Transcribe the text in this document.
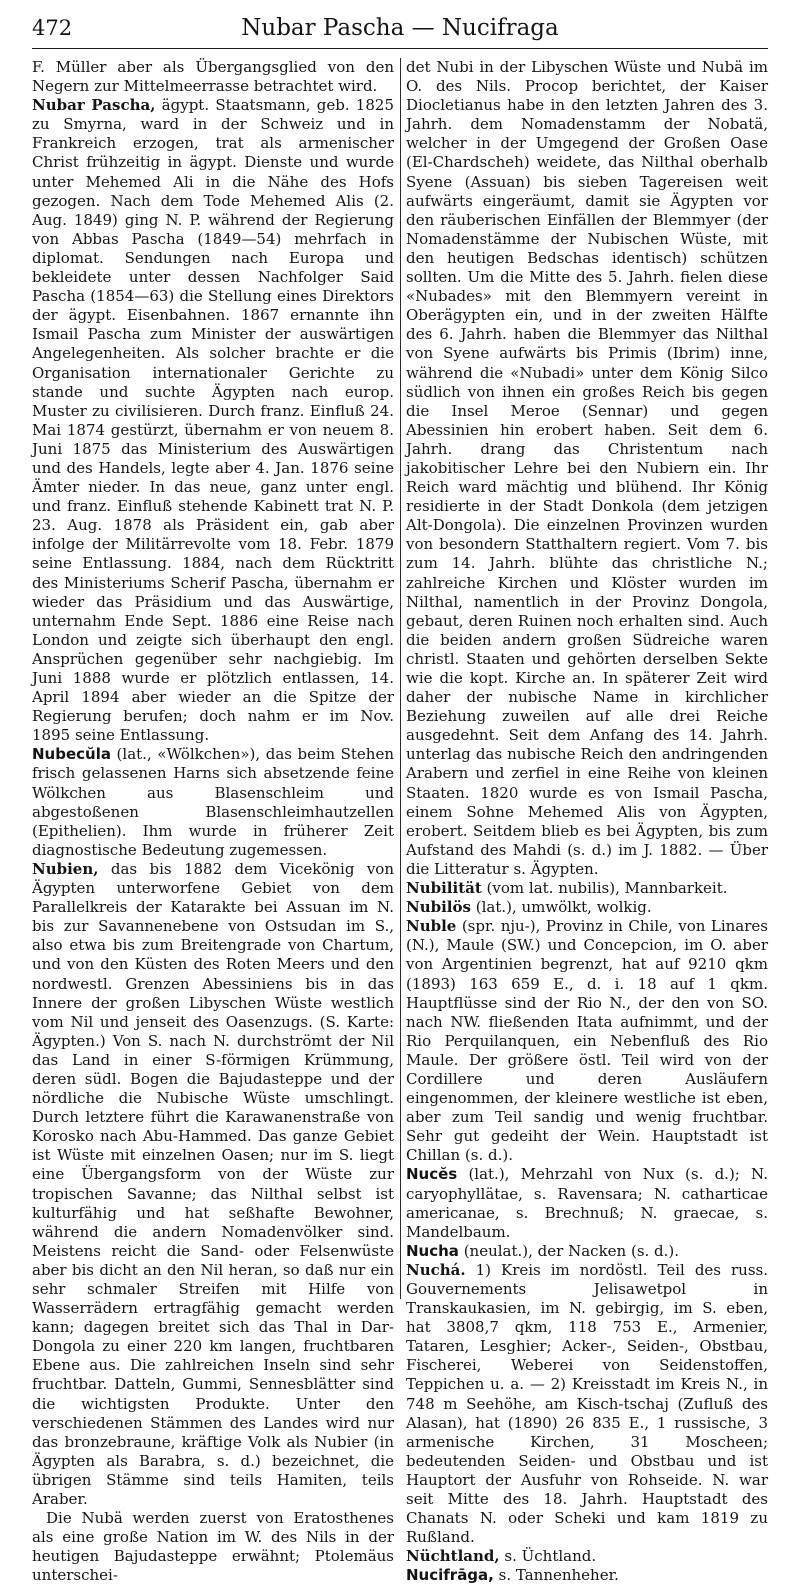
472	Nubar Pascha — Nucifraga

F. Müller aber als Übergangsglied von den Negern zur Mittelmeerrasse betrachtet wird.

Nubar Pascha, ägypt. Staatsmann, geb. 1825 zu Smyrna, ward in der Schweiz und in Frankreich erzogen, trat als armenischer Christ frühzeitig in ägypt. Dienste und wurde unter Mehemed Ali in die Nähe des Hofs gezogen. Nach dem Tode Mehemed Alis (2. Aug. 1849) ging N. P. während der Regierung von Abbas Pascha (1849—54) mehrfach in diplomat. Sendungen nach Europa und bekleidete unter dessen Nachfolger Said Pascha (1854—63) die Stellung eines Direktors der ägypt. Eisenbahnen. 1867 ernannte ihn Ismail Pascha zum Minister der auswärtigen Angelegenheiten. Als solcher brachte er die Organisation internationaler Gerichte zu stande und suchte Ägypten nach europ. Muster zu civilisieren. Durch franz. Einfluß 24. Mai 1874 gestürzt, übernahm er von neuem 8. Juni 1875 das Ministerium des Auswärtigen und des Handels, legte aber 4. Jan. 1876 seine Ämter nieder. In das neue, ganz unter engl. und franz. Einfluß stehende Kabinett trat N. P. 23. Aug. 1878 als Präsident ein, gab aber infolge der Militärrevolte vom 18. Febr. 1879 seine Entlassung. 1884, nach dem Rücktritt des Ministeriums Scherif Pascha, übernahm er wieder das Präsidium und das Auswärtige, unternahm Ende Sept. 1886 eine Reise nach London und zeigte sich überhaupt den engl. Ansprüchen gegenüber sehr nachgiebig. Im Juni 1888 wurde er plötzlich entlassen, 14. April 1894 aber wieder an die Spitze der Regierung berufen; doch nahm er im Nov. 1895 seine Entlassung.

Nubecŭla (lat., «Wölkchen»), das beim Stehen frisch gelassenen Harns sich absetzende feine Wölkchen aus Blasenschleim und abgestoßenen Blasenschleimhautzellen (Epithelien). Ihm wurde in früherer Zeit diagnostische Bedeutung zugemessen.

Nubien, das bis 1882 dem Vicekönig von Ägypten unterworfene Gebiet von dem Parallelkreis der Katarakte bei Assuan im N. bis zur Savannenebene von Ostsudan im S., also etwa bis zum Breitengrade von Chartum, und von den Küsten des Roten Meers und den nordwestl. Grenzen Abessiniens bis in das Innere der großen Libyschen Wüste westlich vom Nil und jenseit des Oasenzugs. (S. Karte: Ägypten.) Von S. nach N. durchströmt der Nil das Land in einer S-förmigen Krümmung, deren südl. Bogen die Bajudasteppe und der nördliche die Nubische Wüste umschlingt. Durch letztere führt die Karawanenstraße von Korosko nach Abu-Hammed. Das ganze Gebiet ist Wüste mit einzelnen Oasen; nur im S. liegt eine Übergangsform von der Wüste zur tropischen Savanne; das Nilthal selbst ist kulturfähig und hat seßhafte Bewohner, während die andern Nomadenvölker sind. Meistens reicht die Sand- oder Felsenwüste aber bis dicht an den Nil heran, so daß nur ein sehr schmaler Streifen mit Hilfe von Wasserrädern ertragfähig gemacht werden kann; dagegen breitet sich das Thal in Dar-Dongola zu einer 220 km langen, fruchtbaren Ebene aus. Die zahlreichen Inseln sind sehr fruchtbar. Datteln, Gummi, Sennesblätter sind die wichtigsten Produkte. Unter den verschiedenen Stämmen des Landes wird nur das bronzebraune, kräftige Volk als Nubier (in Ägypten als Barabra, s. d.) bezeichnet, die übrigen Stämme sind teils Hamiten, teils Araber.

Die Nubä werden zuerst von Eratosthenes als eine große Nation im W. des Nils in der heutigen Bajudasteppe erwähnt; Ptolemäus unterschei-

det Nubi in der Libyschen Wüste und Nubä im O. des Nils. Procop berichtet, der Kaiser Diocletianus habe in den letzten Jahren des 3. Jahrh. dem Nomadenstamm der Nobatä, welcher in der Umgegend der Großen Oase (El-Chardscheh) weidete, das Nilthal oberhalb Syene (Assuan) bis sieben Tagereisen weit aufwärts eingeräumt, damit sie Ägypten vor den räuberischen Einfällen der Blemmyer (der Nomadenstämme der Nubischen Wüste, mit den heutigen Bedschas identisch) schützen sollten. Um die Mitte des 5. Jahrh. fielen diese «Nubades» mit den Blemmyern vereint in Oberägypten ein, und in der zweiten Hälfte des 6. Jahrh. haben die Blemmyer das Nilthal von Syene aufwärts bis Primis (Ibrim) inne, während die «Nubadi» unter dem König Silco südlich von ihnen ein großes Reich bis gegen die Insel Meroe (Sennar) und gegen Abessinien hin erobert haben. Seit dem 6. Jahrh. drang das Christentum nach jakobitischer Lehre bei den Nubiern ein. Ihr Reich ward mächtig und blühend. Ihr König residierte in der Stadt Donkola (dem jetzigen Alt-Dongola). Die einzelnen Provinzen wurden von besondern Statthaltern regiert. Vom 7. bis zum 14. Jahrh. blühte das christliche N.; zahlreiche Kirchen und Klöster wurden im Nilthal, namentlich in der Provinz Dongola, gebaut, deren Ruinen noch erhalten sind. Auch die beiden andern großen Südreiche waren christl. Staaten und gehörten derselben Sekte wie die kopt. Kirche an. In späterer Zeit wird daher der nubische Name in kirchlicher Beziehung zuweilen auf alle drei Reiche ausgedehnt. Seit dem Anfang des 14. Jahrh. unterlag das nubische Reich den andringenden Arabern und zerfiel in eine Reihe von kleinen Staaten. 1820 wurde es von Ismail Pascha, einem Sohne Mehemed Alis von Ägypten, erobert. Seitdem blieb es bei Ägypten, bis zum Aufstand des Mahdi (s. d.) im J. 1882. — Über die Litteratur s. Ägypten.

Nubilität (vom lat. nubilis), Mannbarkeit.

Nubilös (lat.), umwölkt, wolkig.

Nuble (spr. nju-), Provinz in Chile, von Linares (N.), Maule (SW.) und Concepcion, im O. aber von Argentinien begrenzt, hat auf 9210 qkm (1893) 163 659 E., d. i. 18 auf 1 qkm. Hauptflüsse sind der Rio N., der den von SO. nach NW. fließenden Itata aufnimmt, und der Rio Perquilanquen, ein Nebenfluß des Rio Maule. Der größere östl. Teil wird von der Cordillere und deren Ausläufern eingenommen, der kleinere westliche ist eben, aber zum Teil sandig und wenig fruchtbar. Sehr gut gedeiht der Wein. Hauptstadt ist Chillan (s. d.).

Nucĕs (lat.), Mehrzahl von Nux (s. d.); N. caryophyllätae, s. Ravensara; N. catharticae americanae, s. Brechnuß; N. graecae, s. Mandelbaum.

Nucha (neulat.), der Nacken (s. d.).

Nuchá. 1) Kreis im nordöstl. Teil des russ. Gouvernements Jelisawetpol in Transkaukasien, im N. gebirgig, im S. eben, hat 3808,7 qkm, 118 753 E., Armenier, Tataren, Lesghier; Acker-, Seiden-, Obstbau, Fischerei, Weberei von Seidenstoffen, Teppichen u. a. — 2) Kreisstadt im Kreis N., in 748 m Seehöhe, am Kisch-tschaj (Zufluß des Alasan), hat (1890) 26 835 E., 1 russische, 3 armenische Kirchen, 31 Moscheen; bedeutenden Seiden- und Obstbau und ist Hauptort der Ausfuhr von Rohseide. N. war seit Mitte des 18. Jahrh. Hauptstadt des Chanats N. oder Scheki und kam 1819 zu Rußland.

Nüchtland, s. Üchtland.

Nucifrāga, s. Tannenheher.
